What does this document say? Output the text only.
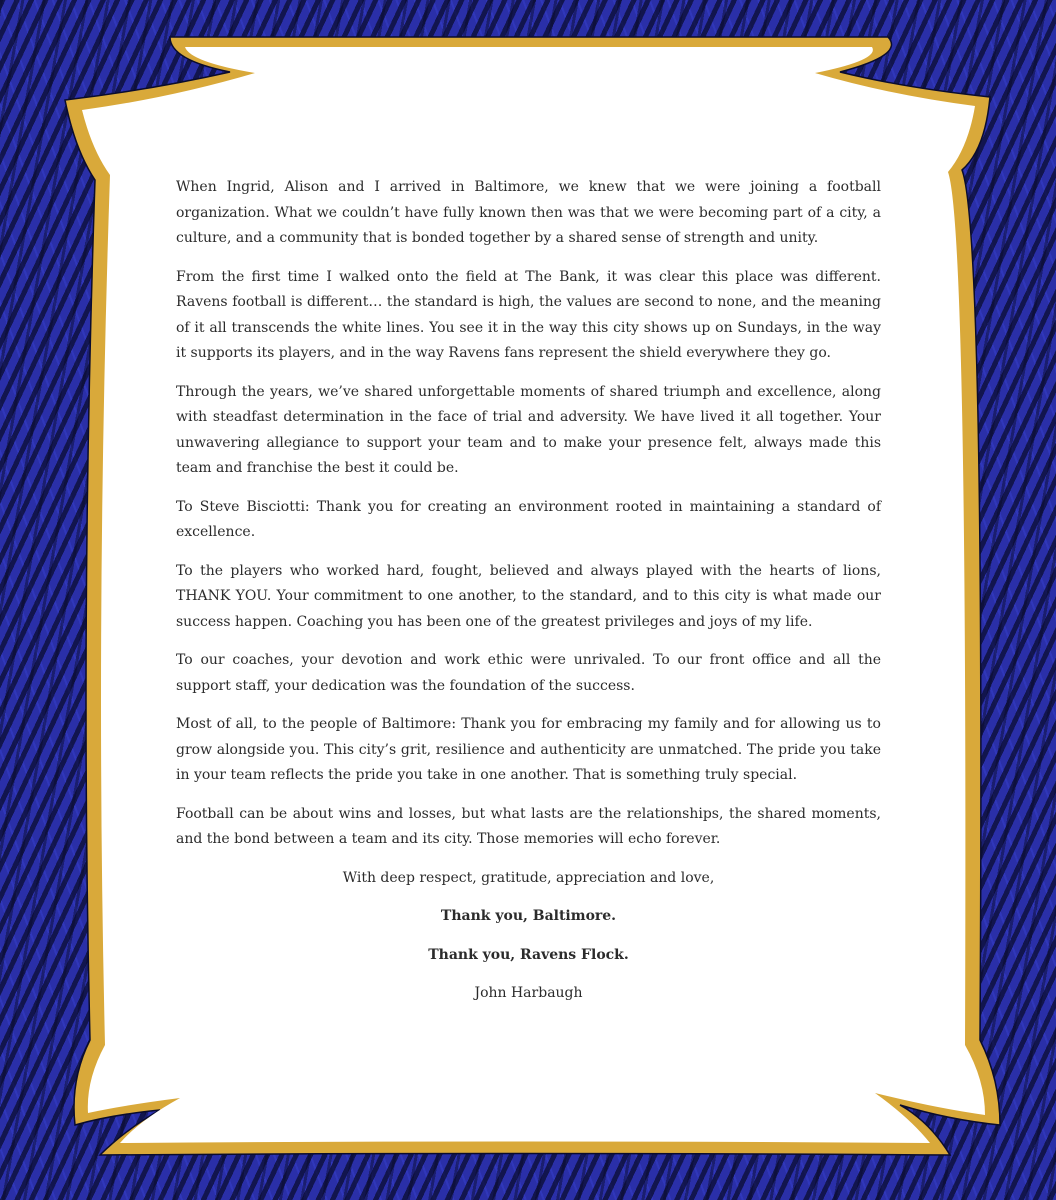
When Ingrid, Alison and I arrived in Baltimore, we knew that we were joining a football organization. What we couldn’t have fully known then was that we were becoming part of a city, a culture, and a community that is bonded together by a shared sense of strength and unity.

From the first time I walked onto the field at The Bank, it was clear this place was different. Ravens football is different… the standard is high, the values are second to none, and the meaning of it all transcends the white lines. You see it in the way this city shows up on Sundays, in the way it supports its players, and in the way Ravens fans represent the shield everywhere they go.

Through the years, we’ve shared unforgettable moments of shared triumph and excellence, along with steadfast determination in the face of trial and adversity. We have lived it all together. Your unwavering allegiance to support your team and to make your presence felt, always made this team and franchise the best it could be.

To Steve Bisciotti: Thank you for creating an environment rooted in maintaining a standard of excellence.

To the players who worked hard, fought, believed and always played with the hearts of lions, THANK YOU. Your commitment to one another, to the standard, and to this city is what made our success happen. Coaching you has been one of the greatest privileges and joys of my life.

To our coaches, your devotion and work ethic were unrivaled. To our front office and all the support staff, your dedication was the foundation of the success.

Most of all, to the people of Baltimore: Thank you for embracing my family and for allowing us to grow alongside you. This city’s grit, resilience and authenticity are unmatched. The pride you take in your team reflects the pride you take in one another. That is something truly special.

Football can be about wins and losses, but what lasts are the relationships, the shared moments, and the bond between a team and its city. Those memories will echo forever.

With deep respect, gratitude, appreciation and love,

Thank you, Baltimore.

Thank you, Ravens Flock.

John Harbaugh
